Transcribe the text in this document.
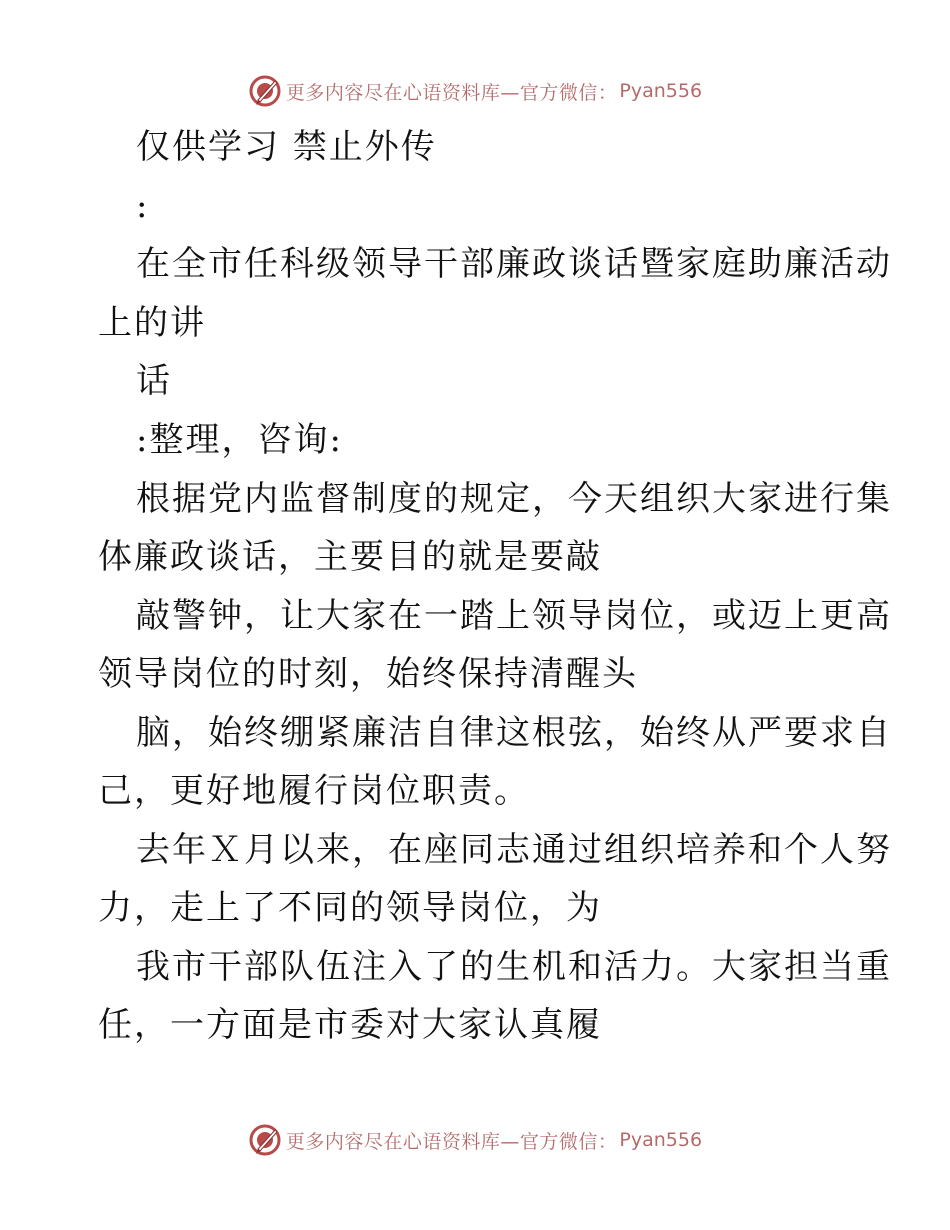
更多内容尽在心语资料库—官方微信： Pyan556
仅供学习 禁止外传
:
在全市任科级领导干部廉政谈话暨家庭助廉活动
上的讲
话
:整理，咨询:
根据党内监督制度的规定，今天组织大家进行集
体廉政谈话，主要目的就是要敲
敲警钟，让大家在一踏上领导岗位，或迈上更高
领导岗位的时刻，始终保持清醒头
脑，始终绷紧廉洁自律这根弦，始终从严要求自
己，更好地履行岗位职责。
去年Ｘ月以来，在座同志通过组织培养和个人努
力，走上了不同的领导岗位，为
我市干部队伍注入了的生机和活力。大家担当重
任，一方面是市委对大家认真履
更多内容尽在心语资料库—官方微信： Pyan556
